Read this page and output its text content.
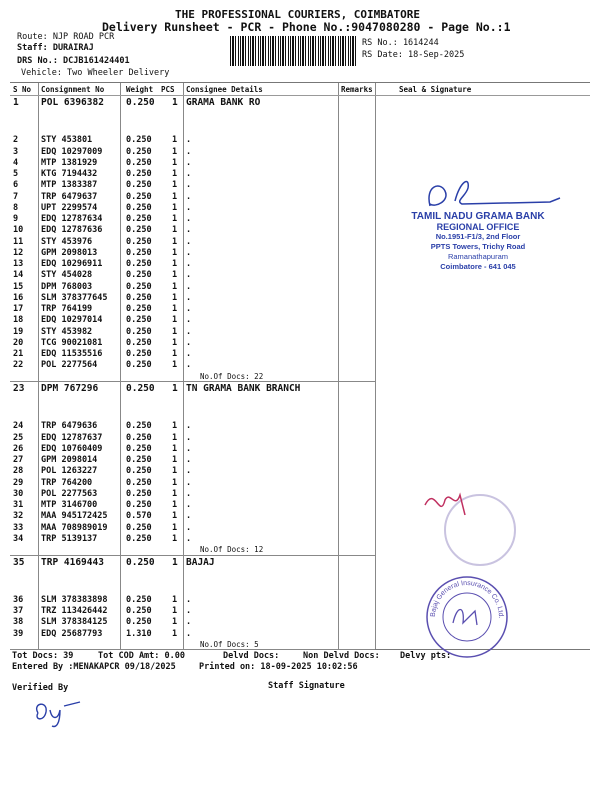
THE PROFESSIONAL COURIERS, COIMBATORE
Delivery Runsheet - PCR - Phone No.:9047080280 - Page No.:1
Route: NJP ROAD PCR
Staff: DURAIRAJ
DRS No.: DCJB161424401
Vehicle: Two Wheeler Delivery
RS No.: 1614244
RS Date: 18-Sep-2025
S No Consignment No	Weight PCS Consignee Details	Remarks	Seal & Signature
1 POL 6396382 0.250 1 GRAMA BANK RO
2	STY 453801	0.250 1 .
3	EDQ 10297009	0.250 1 .
4	MTP 1381929	0.250 1 .
5	KTG 7194432	0.250 1 .
6	MTP 1383387	0.250 1 .
7	TRP 6479637	0.250 1 .
8	UPT 2299574	0.250 1 .
9	EDQ 12787634	0.250 1 .
10 EDQ 12787636	0.250 1 .
11 STY 453976	0.250 1 .
12 GPM 2098013	0.250 1 .
13 EDQ 10296911	0.250 1 .
14 STY 454028	0.250 1 .
15 DPM 768003	0.250 1 .
16 SLM 378377645 0.250 1 .
17 TRP 764199	0.250 1 .
18 EDQ 10297014	0.250 1 .
19 STY 453982	0.250 1 .
20 TCG 90021081	0.250 1 .
21 EDQ 11535516	0.250 1 .
22 POL 2277564	0.250 1 .
No.Of Docs: 22
23 DPM 767296	0.250 1 TN GRAMA BANK BRANCH
24 TRP 6479636	0.250 1 .
25 EDQ 12787637	0.250 1 .
26 EDQ 10760409	0.250 1 .
27 GPM 2098014	0.250 1 .
28 POL 1263227	0.250 1 .
29 TRP 764200	0.250 1 .
30 POL 2277563	0.250 1 .
31 MTP 3146700	0.250 1 .
32 MAA 945172425 0.570 1 .
33 MAA 708989019 0.250 1 .
34 TRP 5139137	0.250 1 .
No.Of Docs: 12
35 TRP 4169443 0.250 1 BAJAJ
36 SLM 378383898 0.250 1 .
37 TRZ 113426442 0.250 1 .
38 SLM 378384125 0.250 1 .
39 EDQ 25687793	1.310 1 .
No.Of Docs: 5
TAMIL NADU GRAMA BANK
REGIONAL OFFICE
No.1951-F1/3, 2nd Floor
PPTS Towers, Trichy Road
Ramanathapuram
Coimbatore - 641 045
Bajaj General Insurance Co. Ltd.
Tot Docs: 39	Tot COD Amt: 0.00	Delvd Docs:	Non Delvd Docs: Delvy pts:
Entered By :MENAKAPCR 09/18/2025	Printed on: 18-09-2025 10:02:56
Verified By	Staff Signature
